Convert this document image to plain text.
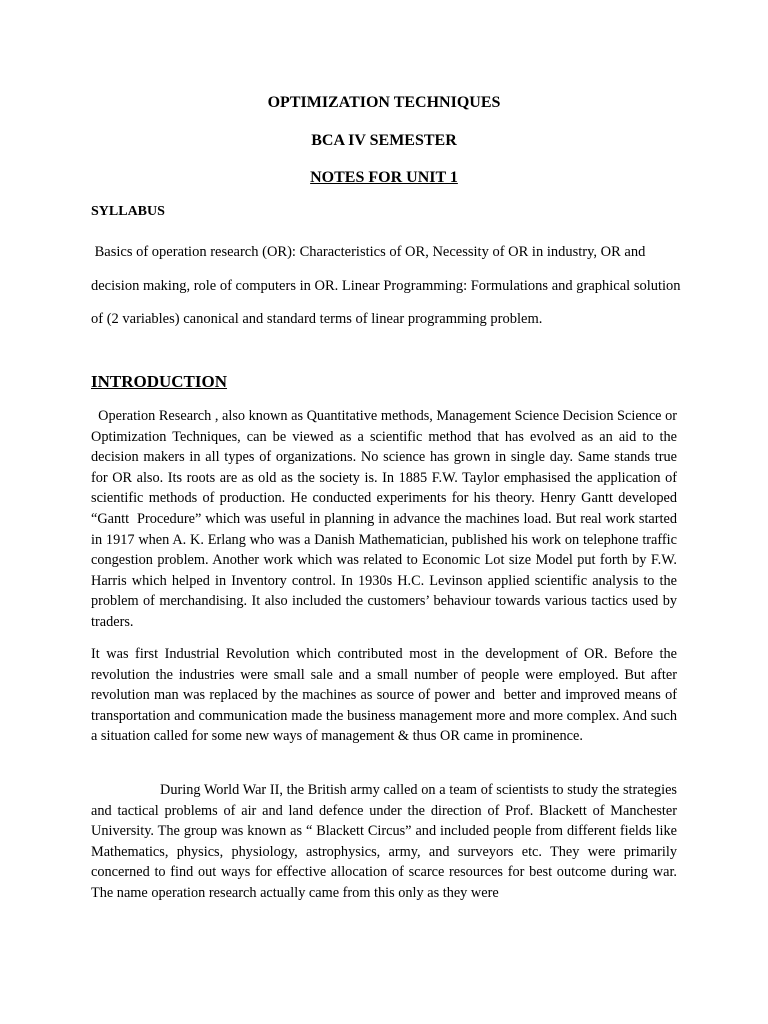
OPTIMIZATION TECHNIQUES
BCA IV SEMESTER
NOTES FOR UNIT 1
SYLLABUS

Basics of operation research (OR): Characteristics of OR, Necessity of OR in industry, OR and decision making, role of computers in OR. Linear Programming: Formulations and graphical solution of (2 variables) canonical and standard terms of linear programming problem.

INTRODUCTION

Operation Research , also known as Quantitative methods, Management Science Decision Science or Optimization Techniques, can be viewed as a scientific method that has evolved as an aid to the decision makers in all types of organizations. No science has grown in single day. Same stands true for OR also. Its roots are as old as the society is. In 1885 F.W. Taylor emphasised the application of scientific methods of production. He conducted experiments for his theory. Henry Gantt developed “Gantt  Procedure” which was useful in planning in advance the machines load. But real work started in 1917 when A. K. Erlang who was a Danish Mathematician, published his work on telephone traffic congestion problem. Another work which was related to Economic Lot size Model put forth by F.W. Harris which helped in Inventory control. In 1930s H.C. Levinson applied scientific analysis to the problem of merchandising. It also included the customers’ behaviour towards various tactics used by traders.

It was first Industrial Revolution which contributed most in the development of OR. Before the revolution the industries were small sale and a small number of people were employed. But after revolution man was replaced by the machines as source of power and  better and improved means of transportation and communication made the business management more and more complex. And such a situation called for some new ways of management & thus OR came in prominence.

During World War II, the British army called on a team of scientists to study the strategies and tactical problems of air and land defence under the direction of Prof. Blackett of Manchester University. The group was known as “ Blackett Circus” and included people from different fields like Mathematics, physics, physiology, astrophysics, army, and surveyors etc. They were primarily concerned to find out ways for effective allocation of scarce resources for best outcome during war. The name operation research actually came from this only as they were
